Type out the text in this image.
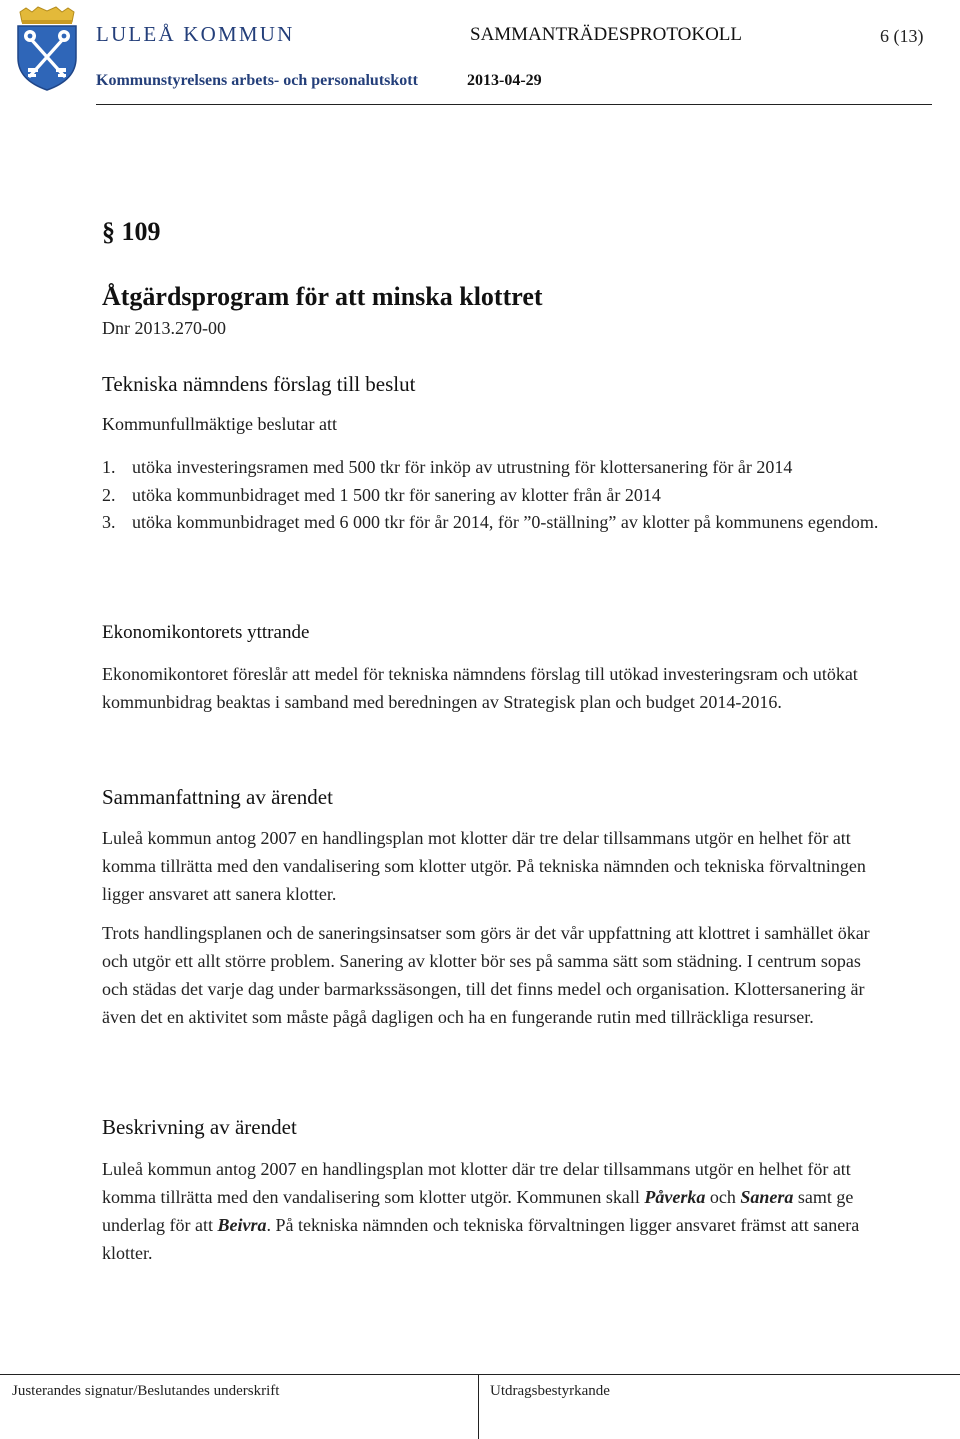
LULEÅ KOMMUN	SAMMANTRÄDESPROTOKOLL	6 (13)
Kommunstyrelsens arbets- och personalutskott	2013-04-29
§ 109
Åtgärdsprogram för att minska klottret
Dnr 2013.270-00
Tekniska nämndens förslag till beslut
Kommunfullmäktige beslutar att
1. utöka investeringsramen med 500 tkr för inköp av utrustning för klottersanering för år 2014
2. utöka kommunbidraget med 1 500 tkr för sanering av klotter från år 2014
3. utöka kommunbidraget med 6 000 tkr för år 2014, för ”0-ställning” av klotter på kommunens egendom.
Ekonomikontorets yttrande
Ekonomikontoret föreslår att medel för tekniska nämndens förslag till utökad investeringsram och utökat kommunbidrag beaktas i samband med beredningen av Strategisk plan och budget 2014-2016.
Sammanfattning av ärendet
Luleå kommun antog 2007 en handlingsplan mot klotter där tre delar tillsammans utgör en helhet för att komma tillrätta med den vandalisering som klotter utgör. På tekniska nämnden och tekniska förvaltningen ligger ansvaret att sanera klotter.
Trots handlingsplanen och de saneringsinsatser som görs är det vår uppfattning att klottret i samhället ökar och utgör ett allt större problem. Sanering av klotter bör ses på samma sätt som städning. I centrum sopas och städas det varje dag under barmarkssäsongen, till det finns medel och organisation. Klottersanering är även det en aktivitet som måste pågå dagligen och ha en fungerande rutin med tillräckliga resurser.
Beskrivning av ärendet
Luleå kommun antog 2007 en handlingsplan mot klotter där tre delar tillsammans utgör en helhet för att komma tillrätta med den vandalisering som klotter utgör. Kommunen skall Påverka och Sanera samt ge underlag för att Beivra. På tekniska nämnden och tekniska förvaltningen ligger ansvaret främst att sanera klotter.
Justerandes signatur/Beslutandes underskrift	Utdragsbestyrkande
